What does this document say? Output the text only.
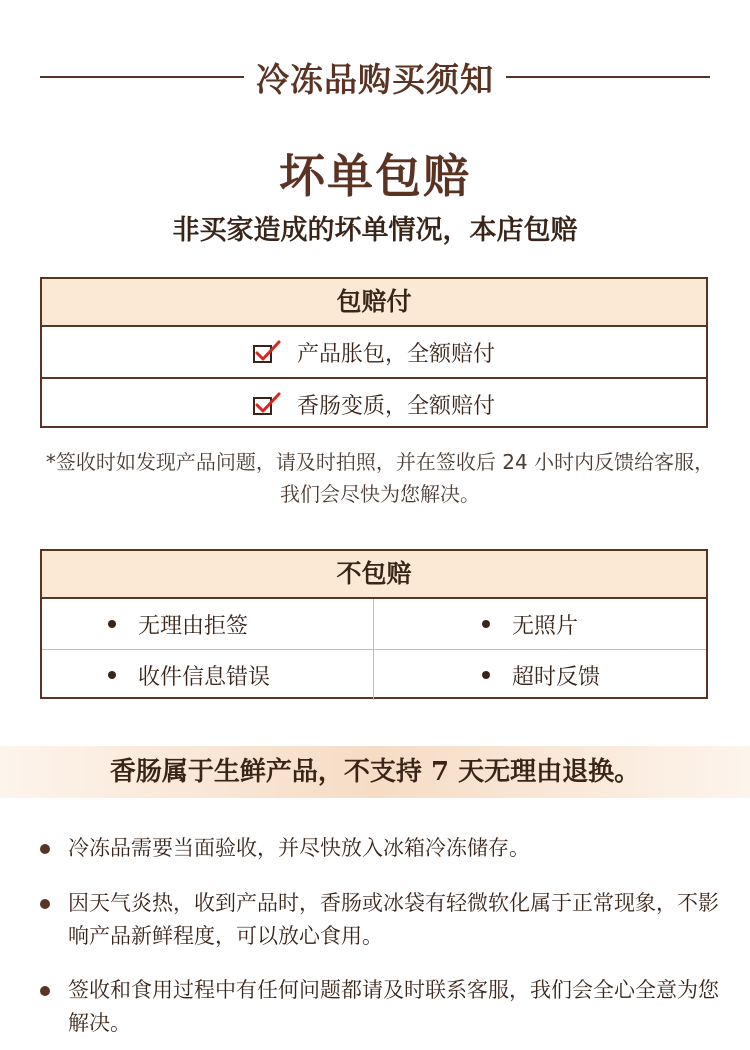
冷冻品购买须知
坏单包赔
非买家造成的坏单情况，本店包赔
包赔付
产品胀包，全额赔付
香肠变质，全额赔付
*签收时如发现产品问题，请及时拍照，并在签收后 24 小时内反馈给客服，我们会尽快为您解决。
不包赔
无理由拒签	无照片
收件信息错误	超时反馈
香肠属于生鲜产品，不支持 7 天无理由退换。
冷冻品需要当面验收，并尽快放入冰箱冷冻储存。
因天气炎热，收到产品时，香肠或冰袋有轻微软化属于正常现象，不影响产品新鲜程度，可以放心食用。
签收和食用过程中有任何问题都请及时联系客服，我们会全心全意为您解决。
